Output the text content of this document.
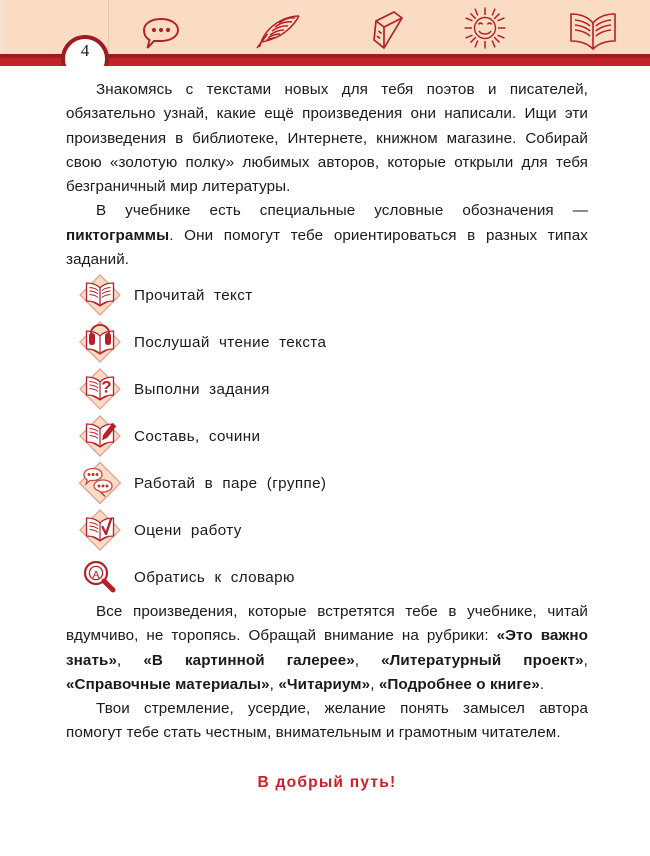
4

Знакомясь с текстами новых для тебя поэтов и писателей, обязательно узнай, какие ещё произведения они написали. Ищи эти произведения в библиотеке, Интернете, книжном магазине. Собирай свою «золотую полку» любимых авторов, которые открыли для тебя безграничный мир литературы.

В учебнике есть специальные условные обозначения — пиктограммы. Они помогут тебе ориентироваться в разных типах заданий.

Прочитай  текст
Послушай  чтение  текста
? Выполни  задания
Составь,  сочини
Работай  в  паре  (группе)
Оцени  работу
А Обратись  к  словарю

Все произведения, которые встретятся тебе в учебнике, читай вдумчиво, не торопясь. Обращай внимание на рубрики: «Это важно знать», «В картинной галерее», «Литературный проект», «Справочные материалы», «Читариум», «Подробнее о книге».

Твои стремление, усердие, желание понять замысел автора помогут тебе стать честным, внимательным и грамотным читателем.

В добрый путь!
